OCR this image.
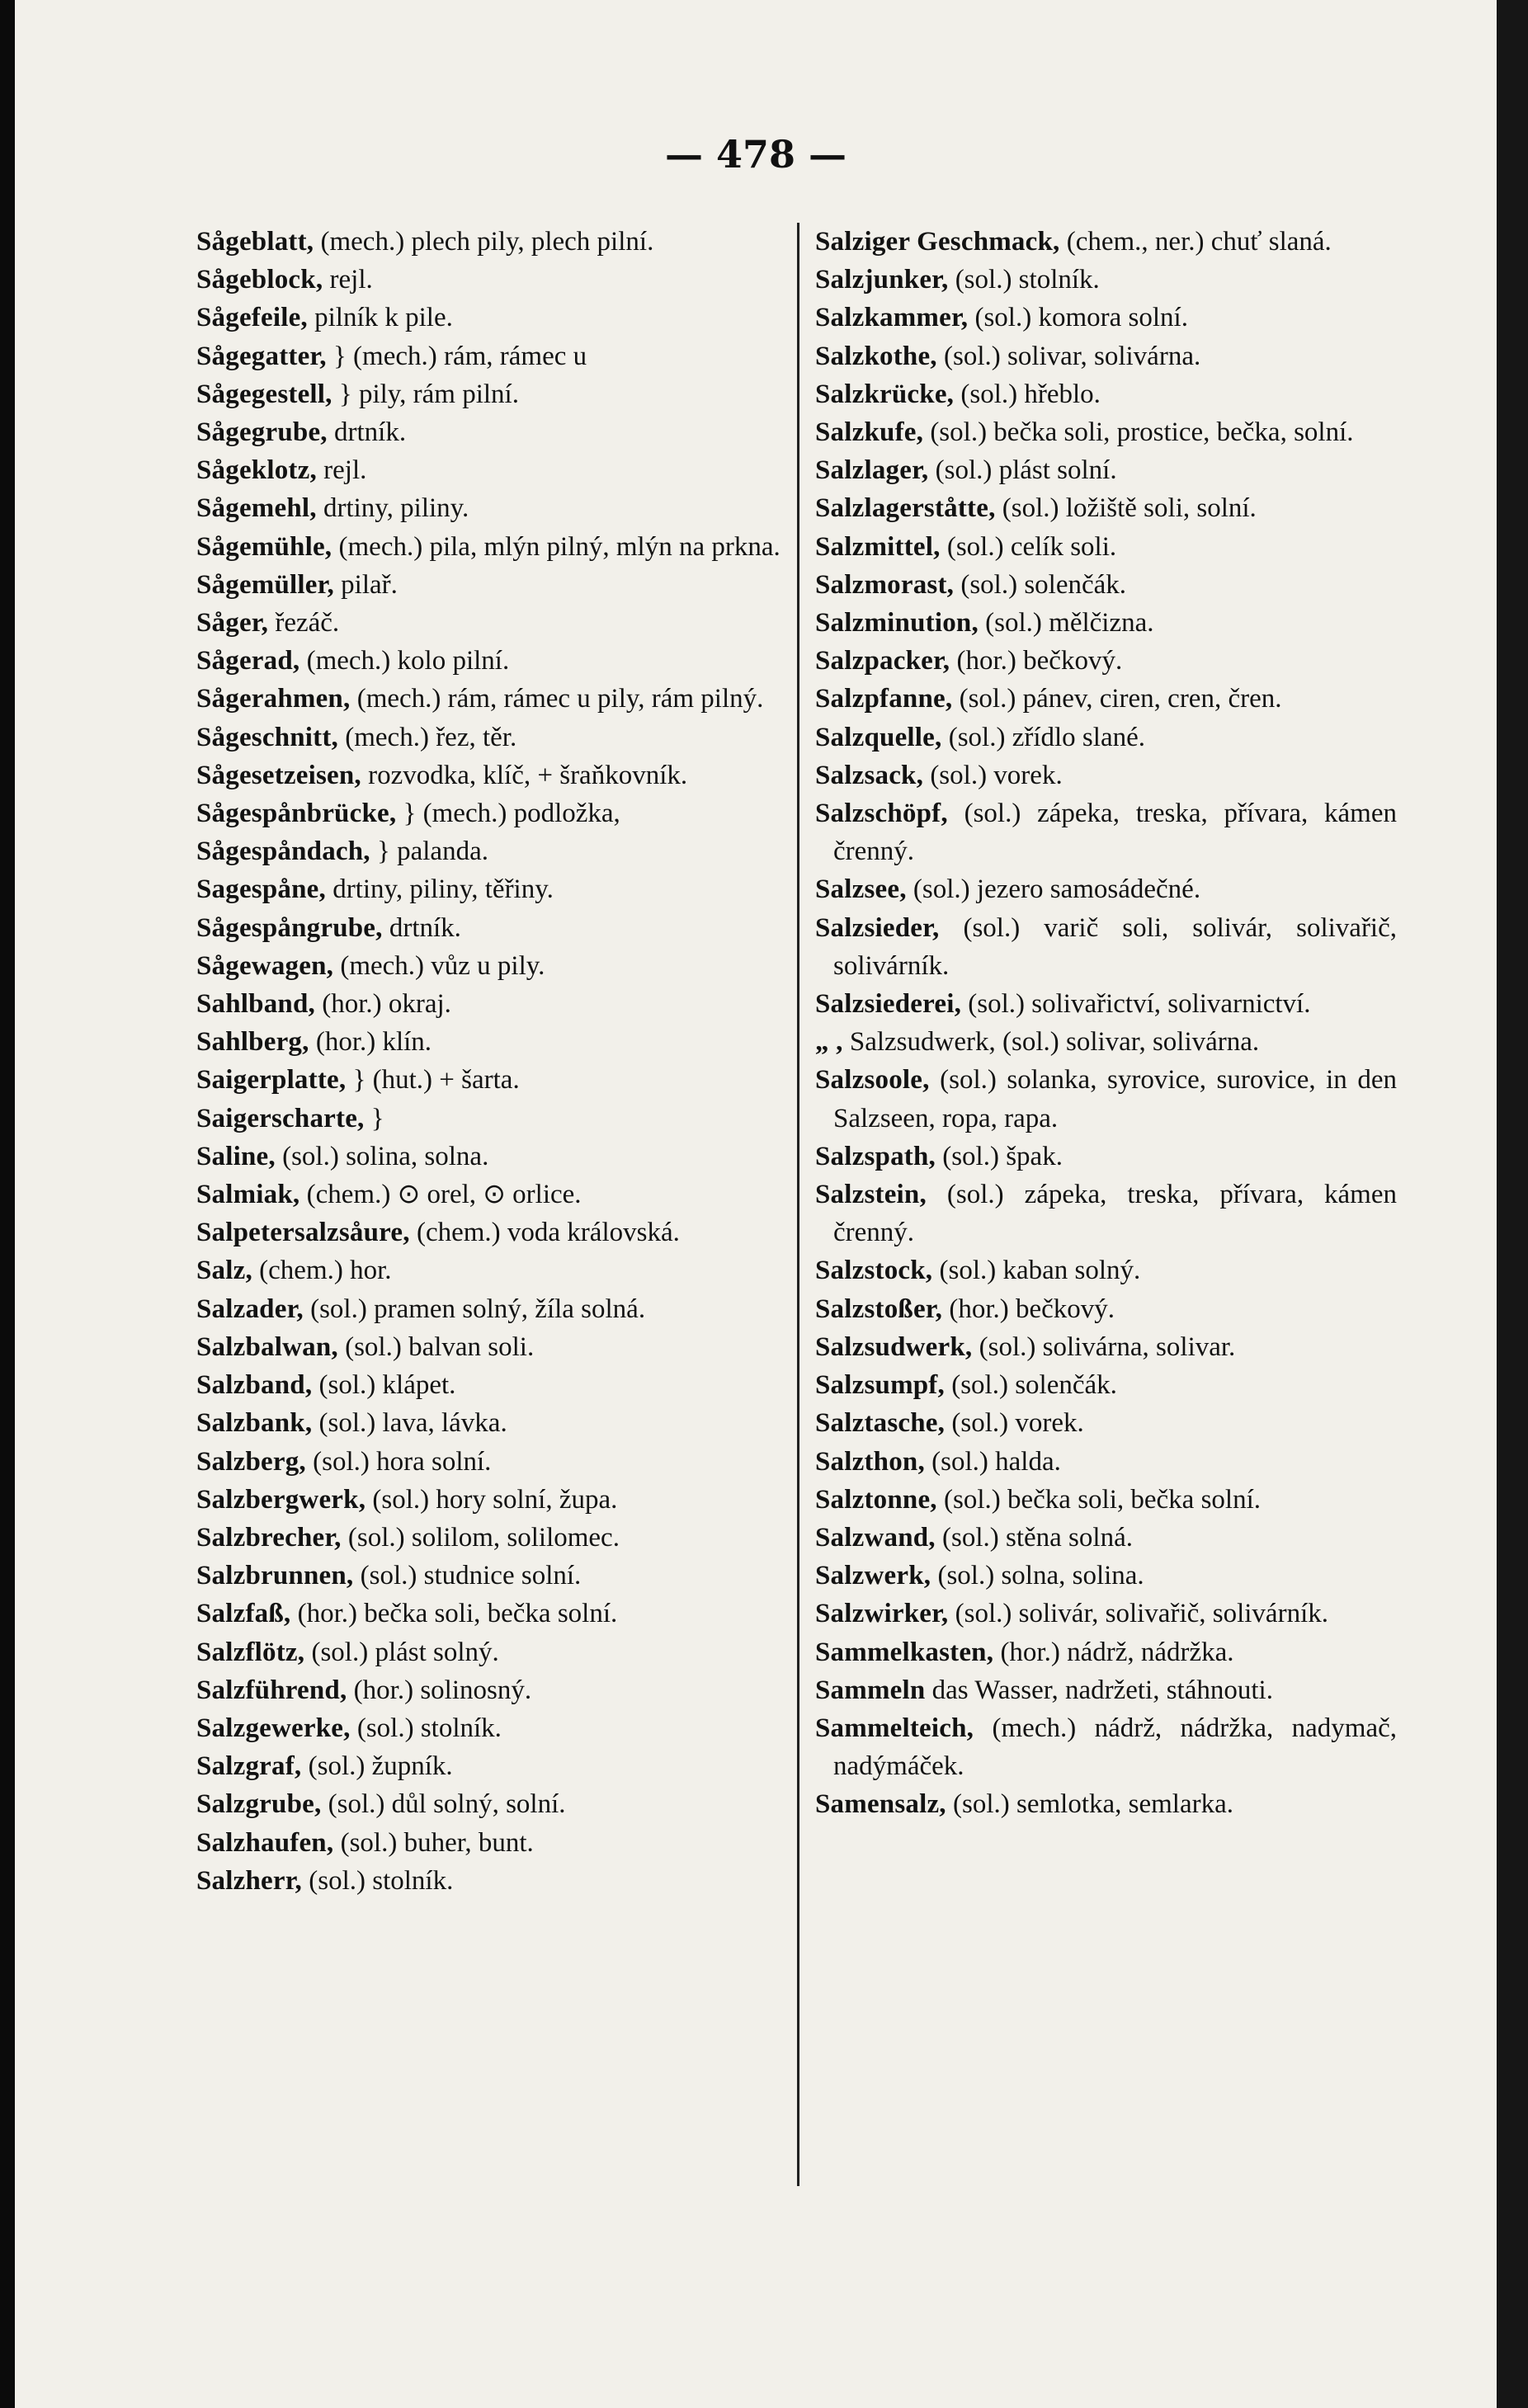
— 478 —

Sågeblatt, (mech.) plech pily, plech pilní.

Sågeblock, rejl.

Sågefeile, pilník k pile.

Sågegatter, } (mech.) rám, rámec u

Sågegestell, } pily, rám pilní.

Sågegrube, drtník.

Sågeklotz, rejl.

Sågemehl, drtiny, piliny.

Sågemühle, (mech.) pila, mlýn pilný, mlýn na prkna.

Sågemüller, pilař.

Såger, řezáč.

Sågerad, (mech.) kolo pilní.

Sågerahmen, (mech.) rám, rámec u pily, rám pilný.

Sågeschnitt, (mech.) řez, těr.

Sågesetzeisen, rozvodka, klíč, + šraňkovník.

Sågespånbrücke, } (mech.) podložka,

Sågespåndach, } palanda.

Sagespåne, drtiny, piliny, těřiny.

Sågespångrube, drtník.

Sågewagen, (mech.) vůz u pily.

Sahlband, (hor.) okraj.

Sahlberg, (hor.) klín.

Saigerplatte, } (hut.) + šarta.

Saigerscharte, }

Saline, (sol.) solina, solna.

Salmiak, (chem.) ⊙ orel, ⊙ orlice.

Salpetersalzsåure, (chem.) voda královská.

Salz, (chem.) hor.

Salzader, (sol.) pramen solný, žíla solná.

Salzbalwan, (sol.) balvan soli.

Salzband, (sol.) klápet.

Salzbank, (sol.) lava, lávka.

Salzberg, (sol.) hora solní.

Salzbergwerk, (sol.) hory solní, župa.

Salzbrecher, (sol.) solilom, solilomec.

Salzbrunnen, (sol.) studnice solní.

Salzfaß, (hor.) bečka soli, bečka solní.

Salzflötz, (sol.) plást solný.

Salzführend, (hor.) solinosný.

Salzgewerke, (sol.) stolník.

Salzgraf, (sol.) župník.

Salzgrube, (sol.) důl solný, solní.

Salzhaufen, (sol.) buher, bunt.

Salzherr, (sol.) stolník.

Salziger Geschmack, (chem., ner.) chuť slaná.

Salzjunker, (sol.) stolník.

Salzkammer, (sol.) komora solní.

Salzkothe, (sol.) solivar, solivárna.

Salzkrücke, (sol.) hřeblo.

Salzkufe, (sol.) bečka soli, prostice, bečka, solní.

Salzlager, (sol.) plást solní.

Salzlagerståtte, (sol.) ložiště soli, solní.

Salzmittel, (sol.) celík soli.

Salzmorast, (sol.) solenčák.

Salzminution, (sol.) mělčizna.

Salzpacker, (hor.) bečkový.

Salzpfanne, (sol.) pánev, ciren, cren, čren.

Salzquelle, (sol.) zřídlo slané.

Salzsack, (sol.) vorek.

Salzschöpf, (sol.) zápeka, treska, přívara, kámen črenný.

Salzsee, (sol.) jezero samosádečné.

Salzsieder, (sol.) varič soli, solivár, solivařič, solivárník.

Salzsiederei, (sol.) solivařictví, solivarnictví.

„ , Salzsudwerk, (sol.) solivar, solivárna.

Salzsoole, (sol.) solanka, syrovice, surovice, in den Salzseen, ropa, rapa.

Salzspath, (sol.) špak.

Salzstein, (sol.) zápeka, treska, přívara, kámen črenný.

Salzstock, (sol.) kaban solný.

Salzstoßer, (hor.) bečkový.

Salzsudwerk, (sol.) solivárna, solivar.

Salzsumpf, (sol.) solenčák.

Salztasche, (sol.) vorek.

Salzthon, (sol.) halda.

Salztonne, (sol.) bečka soli, bečka solní.

Salzwand, (sol.) stěna solná.

Salzwerk, (sol.) solna, solina.

Salzwirker, (sol.) solivár, solivařič, solivárník.

Sammelkasten, (hor.) nádrž, nádržka.

Sammeln das Wasser, nadržeti, stáhnouti.

Sammelteich, (mech.) nádrž, nádržka, nadymač, nadýmáček.

Samensalz, (sol.) semlotka, semlarka.
